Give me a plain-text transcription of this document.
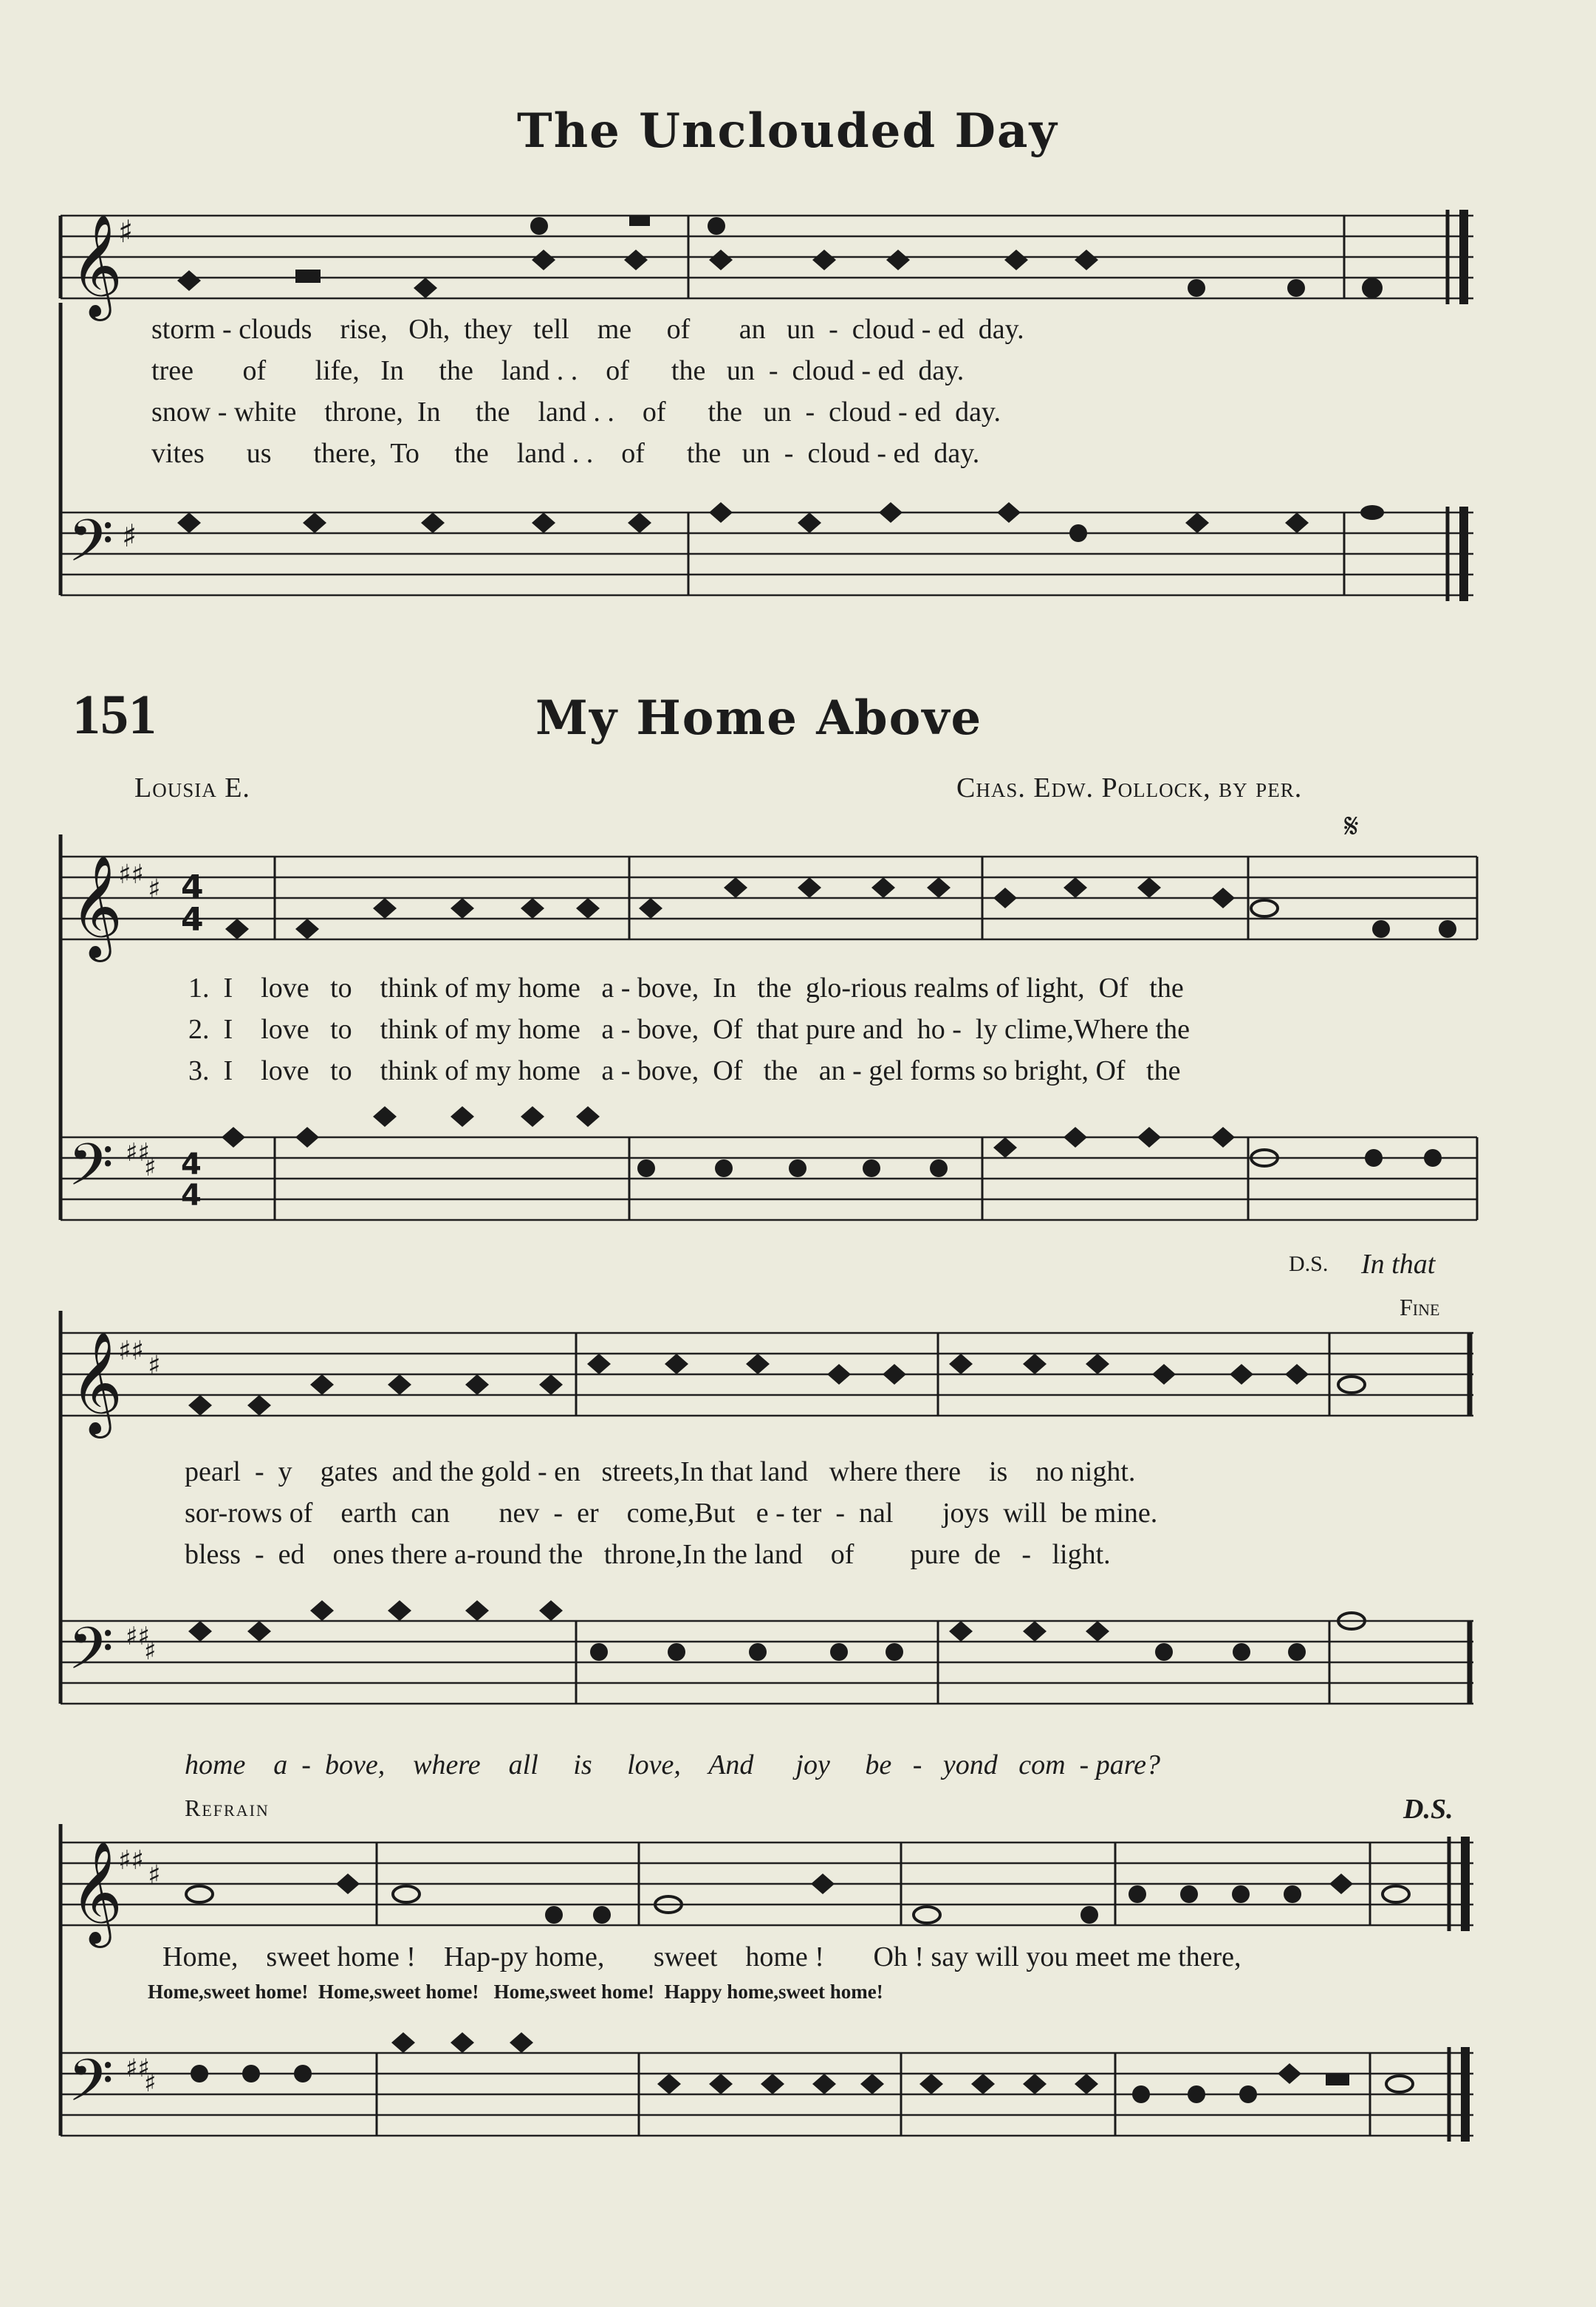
The Unclouded Day
𝄞
♯
storm - clouds    rise,   Oh,  they   tell    me     of       an   un  -  cloud - ed  day.
tree       of       life,   In     the    land . .    of      the   un  -  cloud - ed  day.
snow - white    throne,  In     the    land . .    of      the   un  -  cloud - ed  day.
vites      us      there,  To     the    land . .    of      the   un  -  cloud - ed  day.
𝄢 ♯
151	My Home Above
Lousia E.	Chas. Edw. Pollock, by per.
𝄋
𝄞
♯♯ ♯ 4
4
1.  I    love   to    think of my home   a - bove,  In   the  glo-rious realms of light,  Of   the
2.  I    love   to    think of my home   a - bove,  Of  that pure and  ho -  ly clime,Where the
3.  I    love   to    think of my home   a - bove,  Of   the   an - gel forms so bright, Of   the
𝄢 ♯♯
♯ 4
4
D.S. In that
Fine
𝄞
♯♯ ♯
pearl  -  y    gates  and the gold - en   streets,In that land   where there    is    no night.
sor-rows of    earth  can       nev  -  er    come,But   e - ter  -  nal       joys  will  be mine.
bless  -  ed    ones there a-round the   throne,In the land    of        pure  de   -   light.
𝄢 ♯♯
♯
home    a  -  bove,    where    all     is     love,    And      joy     be   -   yond   com  - pare?
Refrain	D.S.
𝄞
♯♯ ♯
Home,    sweet home !    Hap-py home,       sweet    home !       Oh ! say will you meet me there,
Home,sweet home!  Home,sweet home!   Home,sweet home!  Happy home,sweet home!
𝄢 ♯♯
♯
